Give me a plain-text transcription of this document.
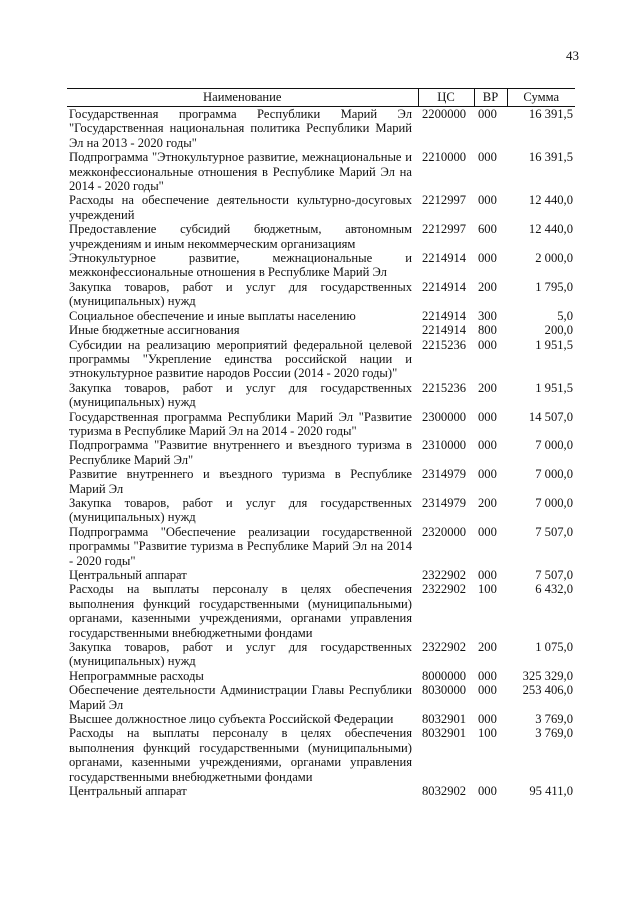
43
Наименование	ЦС	ВР	Сумма
Государственная программа Республики Марий Эл "Государственная национальная политика Республики Марий Эл на 2013 - 2020 годы"	2200000	000	16 391,5
Подпрограмма "Этнокультурное развитие, межнациональные и межконфессиональные отношения в Республике Марий Эл на 2014 - 2020 годы"	2210000	000	16 391,5
Расходы на обеспечение деятельности культурно-досуговых учреждений	2212997	000	12 440,0
Предоставление субсидий бюджетным, автономным учреждениям и иным некоммерческим организациям	2212997	600	12 440,0
Этнокультурное развитие, межнациональные и межконфессиональные отношения в Республике Марий Эл	2214914	000	2 000,0
Закупка товаров, работ и услуг для государственных (муниципальных) нужд	2214914	200	1 795,0
Социальное обеспечение и иные выплаты населению	2214914	300	5,0
Иные бюджетные ассигнования	2214914	800	200,0
Субсидии на реализацию мероприятий федеральной целевой программы "Укрепление единства российской нации и этнокультурное развитие народов России (2014 - 2020 годы)"	2215236	000	1 951,5
Закупка товаров, работ и услуг для государственных (муниципальных) нужд	2215236	200	1 951,5
Государственная программа Республики Марий Эл "Развитие туризма в Республике Марий Эл на 2014 - 2020 годы"	2300000	000	14 507,0
Подпрограмма "Развитие внутреннего и въездного туризма в Республике Марий Эл"	2310000	000	7 000,0
Развитие внутреннего и въездного туризма в Республике Марий Эл	2314979	000	7 000,0
Закупка товаров, работ и услуг для государственных (муниципальных) нужд	2314979	200	7 000,0
Подпрограмма "Обеспечение реализации государственной программы "Развитие туризма в Республике Марий Эл на 2014 - 2020 годы"	2320000	000	7 507,0
Центральный аппарат	2322902	000	7 507,0
Расходы на выплаты персоналу в целях обеспечения выполнения функций государственными (муниципальными) органами, казенными учреждениями, органами управления государственными внебюджетными фондами	2322902	100	6 432,0
Закупка товаров, работ и услуг для государственных (муниципальных) нужд	2322902	200	1 075,0
Непрограммные расходы	8000000	000	325 329,0
Обеспечение деятельности Администрации Главы Республики Марий Эл	8030000	000	253 406,0
Высшее должностное лицо субъекта Российской Федерации	8032901	000	3 769,0
Расходы на выплаты персоналу в целях обеспечения выполнения функций государственными (муниципальными) органами, казенными учреждениями, органами управления государственными внебюджетными фондами	8032901	100	3 769,0
Центральный аппарат	8032902	000	95 411,0
